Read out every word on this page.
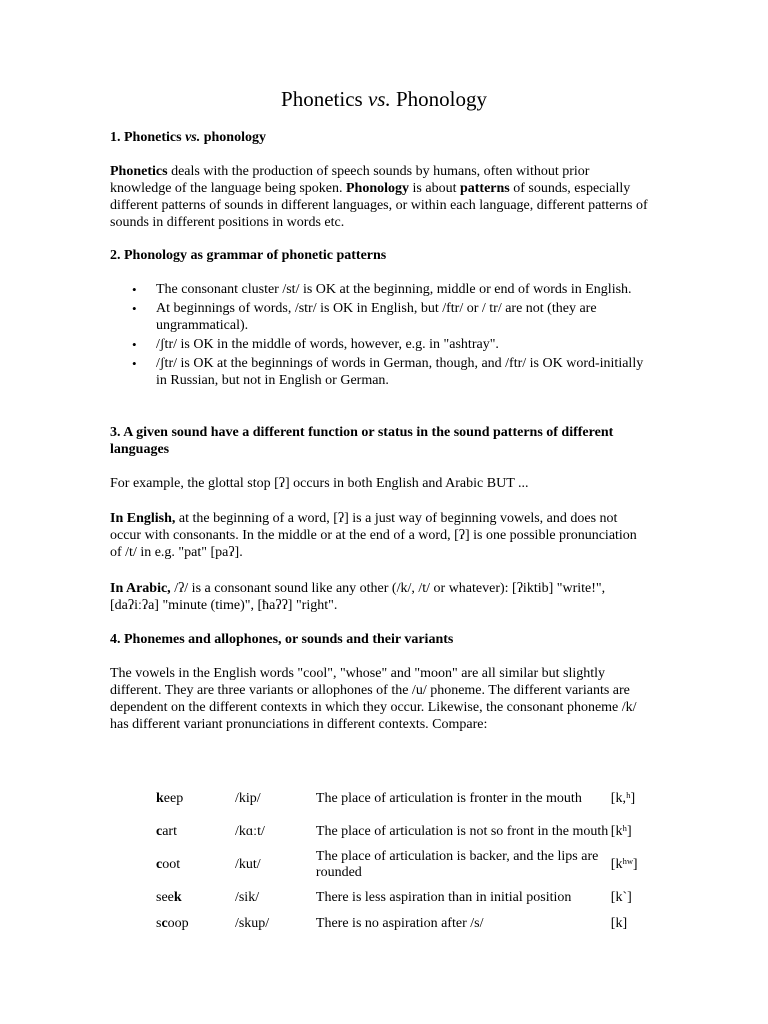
Phonetics vs. Phonology
1. Phonetics vs. phonology

Phonetics deals with the production of speech sounds by humans, often without prior knowledge of the language being spoken. Phonology is about patterns of sounds, especially different patterns of sounds in different languages, or within each language, different patterns of sounds in different positions in words etc.

2. Phonology as grammar of phonetic patterns
• The consonant cluster /st/ is OK at the beginning, middle or end of words in English.
• At beginnings of words, /str/ is OK in English, but /ftr/ or / tr/ are not (they are ungrammatical).
• /ʃtr/ is OK in the middle of words, however, e.g. in "ashtray".
• /ʃtr/ is OK at the beginnings of words in German, though, and /ftr/ is OK word-initially in Russian, but not in English or German.
3. A given sound have a different function or status in the sound patterns of different languages

For example, the glottal stop [ʔ] occurs in both English and Arabic BUT ...

In English, at the beginning of a word, [ʔ] is a just way of beginning vowels, and does not occur with consonants. In the middle or at the end of a word, [ʔ] is one possible pronunciation of /t/ in e.g. "pat" [paʔ].

In Arabic, /ʔ/ is a consonant sound like any other (/k/, /t/ or whatever): [ʔiktib] "write!", [daʔiːʔa] "minute (time)", [ħaʔʔ] "right".

4. Phonemes and allophones, or sounds and their variants

The vowels in the English words "cool", "whose" and "moon" are all similar but slightly different. They are three variants or allophones of the /u/ phoneme. The different variants are dependent on the different contexts in which they occur. Likewise, the consonant phoneme /k/ has different variant pronunciations in different contexts. Compare:

keep	/kip/	The place of articulation is fronter in the mouth	[k,ʰ]
cart	/kɑːt/	The place of articulation is not so front in the mouth	[kʰ]
coot	/kut/	The place of articulation is backer, and the lips are rounded	[kʰʷ]
seek	/sik/	There is less aspiration than in initial position	[k`]
scoop	/skup/	There is no aspiration after /s/	[k]
